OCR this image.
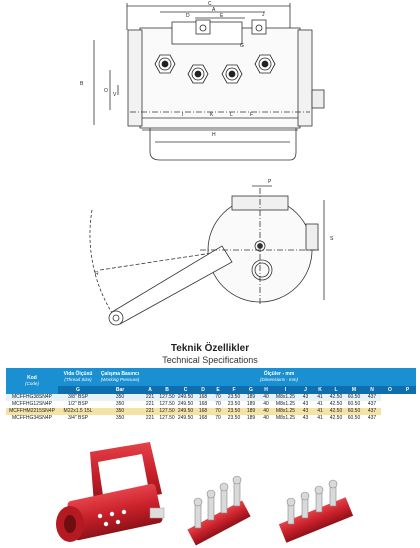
C
A
E
D
G
J
B
F
I	K	L
H
O
V
P
R
S
Teknik Özellikler
Technical Specifications
Kod
(Code)	Vida Ölçüsü
(Thread Size)	Çalışma Basıncı
(Working Pressure)	Ölçüler - mm
(Dimensions - mm)																

	G	Bar	A	B	C	D	E	F	G	H	I	J	K	L	M	N	O	P	R
MCFFHG38SN4P	3/8" BSP	350	221	127.50	249.50	168	70	23.50	189	40	M8x1.25	43	41	42.50	60.50	437			
MCFFHG12SN4P	1/2" BSP	350	221	127.50	249.50	168	70	23.50	189	40	M8x1.25	43	41	42.50	60.50	437			
MCFFHM2215SN4P	M22x1.5 15L	350	221	127.50	249.50	168	70	23.50	189	40	M8x1.25	43	41	42.50	60.50	437			
MCFFHG34SN4P	3/4" BSP	350	221	127.50	249.50	168	70	23.50	189	40	M8x1.25	43	41	42.50	60.50	437			
